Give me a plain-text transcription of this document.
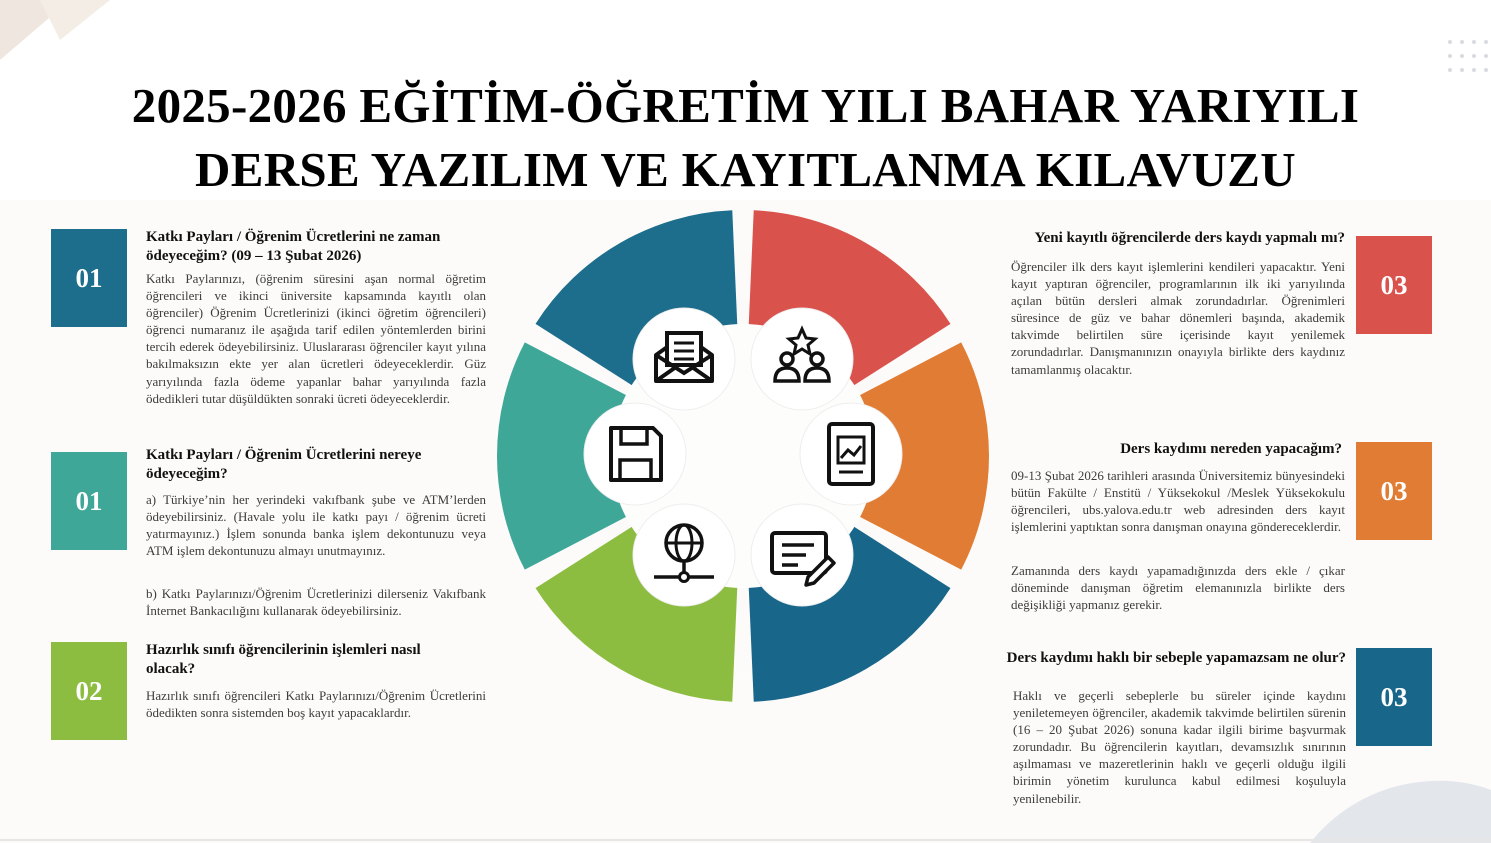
2025-2026 EĞİTİM-ÖĞRETİM YILI BAHAR YARIYILI
DERSE YAZILIM VE KAYITLANMA KILAVUZU
01
Katkı Payları / Öğrenim Ücretlerini ne zaman ödeyeceğim? (09 – 13 Şubat 2026)
Katkı Paylarınızı, (öğrenim süresini aşan normal öğretim öğrencileri ve ikinci üniversite kapsamında kayıtlı olan öğrenciler) Öğrenim Ücretlerinizi (ikinci öğretim öğrencileri) öğrenci numaranız ile aşağıda tarif edilen yöntemlerden birini tercih ederek ödeyebilirsiniz. Uluslararası öğrenciler kayıt yılına bakılmaksızın ekte yer alan ücretleri ödeyeceklerdir. Güz yarıyılında fazla ödeme yapanlar bahar yarıyılında fazla ödedikleri tutar düşüldükten sonraki ücreti ödeyeceklerdir.
01
Katkı Payları / Öğrenim Ücretlerini nereye ödeyeceğim?
a) Türkiye’nin her yerindeki vakıfbank şube ve ATM’lerden ödeyebilirsiniz. (Havale yolu ile katkı payı / öğrenim ücreti yatırmayınız.) İşlem sonunda banka işlem dekontunuzu veya ATM işlem dekontunuzu almayı unutmayınız.
b) Katkı Paylarınızı/Öğrenim Ücretlerinizi dilerseniz Vakıfbank İnternet Bankacılığını kullanarak ödeyebilirsiniz.
02
Hazırlık sınıfı öğrencilerinin işlemleri nasıl olacak?
Hazırlık sınıfı öğrencileri Katkı Paylarınızı/Öğrenim Ücretlerini ödedikten sonra sistemden boş kayıt yapacaklardır.
03
Yeni kayıtlı öğrencilerde ders kaydı yapmalı mı?
Öğrenciler ilk ders kayıt işlemlerini kendileri yapacaktır. Yeni kayıt yaptıran öğrenciler, programlarının ilk iki yarıyılında açılan bütün dersleri almak zorundadırlar. Öğrenimleri süresince de güz ve bahar dönemleri başında, akademik takvimde belirtilen süre içerisinde kayıt yenilemek zorundadırlar. Danışmanınızın onayıyla birlikte ders kaydınız tamamlanmış olacaktır.
03
Ders kaydımı nereden yapacağım?
09-13 Şubat 2026 tarihleri arasında Üniversitemiz bünyesindeki bütün Fakülte / Enstitü / Yüksekokul /Meslek Yüksekokulu öğrencileri, ubs.yalova.edu.tr web adresinden ders kayıt işlemlerini yaptıktan sonra danışman onayına göndereceklerdir.
Zamanında ders kaydı yapamadığınızda ders ekle / çıkar döneminde danışman öğretim elemanınızla birlikte ders değişikliği yapmanız gerekir.
03
Ders kaydımı haklı bir sebeple yapamazsam ne olur?
Haklı ve geçerli sebeplerle bu süreler içinde kaydını yeniletemeyen öğrenciler, akademik takvimde belirtilen sürenin (16 – 20 Şubat 2026) sonuna kadar ilgili birime başvurmak zorundadır. Bu öğrencilerin kayıtları, devamsızlık sınırının aşılmaması ve mazeretlerinin haklı ve geçerli olduğu ilgili birimin yönetim kurulunca kabul edilmesi koşuluyla yenilenebilir.
